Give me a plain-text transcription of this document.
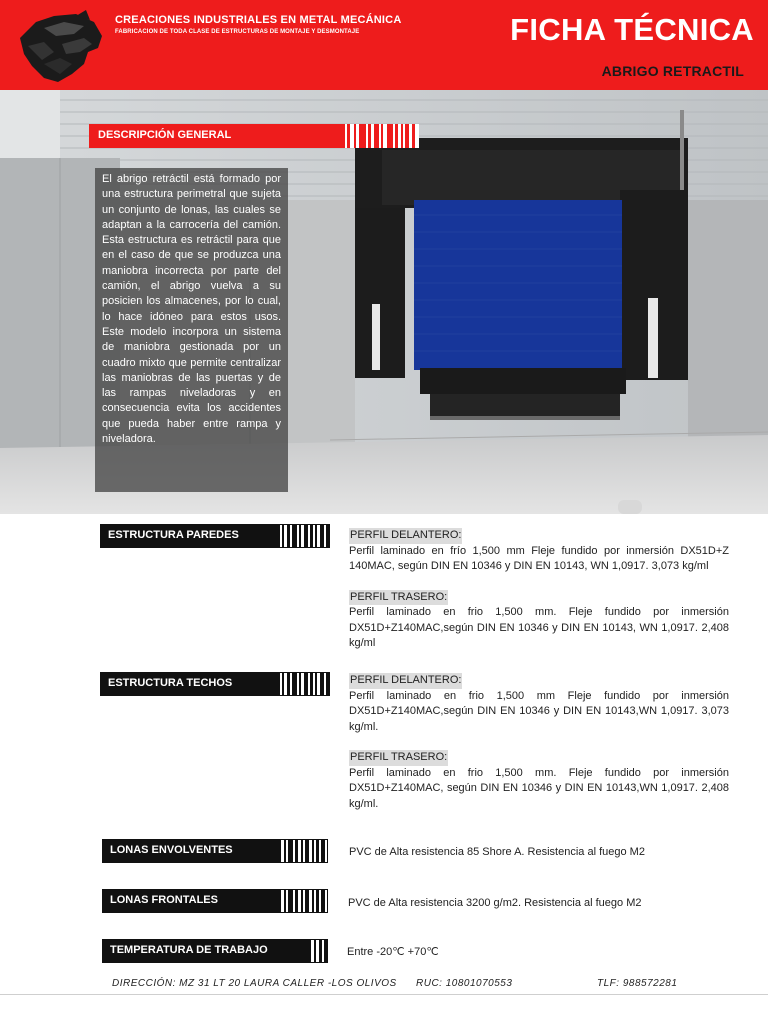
CREACIONES INDUSTRIALES EN METAL MECÁNICA
FABRICACION DE TODA CLASE DE ESTRUCTURAS DE MONTAJE Y DESMONTAJE	FICHA TÉCNICA
ABRIGO RETRACTIL
DESCRIPCIÓN GENERAL

El abrigo retráctil está formado por una estructura perimetral que sujeta un conjunto de lonas, las cuales se adaptan a la carrocería del camión. Esta estructura es retráctil para que en el caso de que se produzca una maniobra incorrecta por parte del camión, el abrigo vuelva a su posicien los almacenes, por lo cual, lo hace idóneo para estos usos. Este modelo incorpora un sistema de maniobra gestionada por un cuadro mixto que permite centralizar las maniobras de las puertas y de las rampas niveladoras y en consecuencia evita los accidentes que pueda haber entre rampa y niveladora.

ESTRUCTURA PAREDES	PERFIL DELANTERO:

Perfil laminado en frío 1,500 mm Fleje fundido por inmersión DX51D+Z 140MAC, según DIN EN 10346 y DIN EN 10143, WN 1,0917. 3,073 kg/ml

PERFIL TRASERO:

Perfil laminado en frio 1,500 mm. Fleje fundido por inmersión DX51D+Z140MAC,según DIN EN 10346 y DIN EN 10143, WN 1,0917. 2,408 kg/ml

ESTRUCTURA TECHOS	PERFIL DELANTERO:

Perfil laminado en frio 1,500 mm Fleje fundido por inmersión DX51D+Z140MAC,según DIN EN 10346 y DIN EN 10143,WN 1,0917. 3,073 kg/ml.

PERFIL TRASERO:

Perfil laminado en frio 1,500 mm. Fleje fundido por inmersión DX51D+Z140MAC, según DIN EN 10346 y DIN EN 10143,WN 1,0917. 2,408 kg/ml.

LONAS ENVOLVENTES	PVC de Alta resistencia 85 Shore A. Resistencia al fuego M2

LONAS FRONTALES	PVC de Alta resistencia 3200 g/m2. Resistencia al fuego M2

TEMPERATURA DE TRABAJO	Entre -20℃ +70℃

DIRECCIÓN: MZ 31 LT 20 LAURA CALLER -LOS OLIVOS RUC: 10801070553	TLF: 988572281
